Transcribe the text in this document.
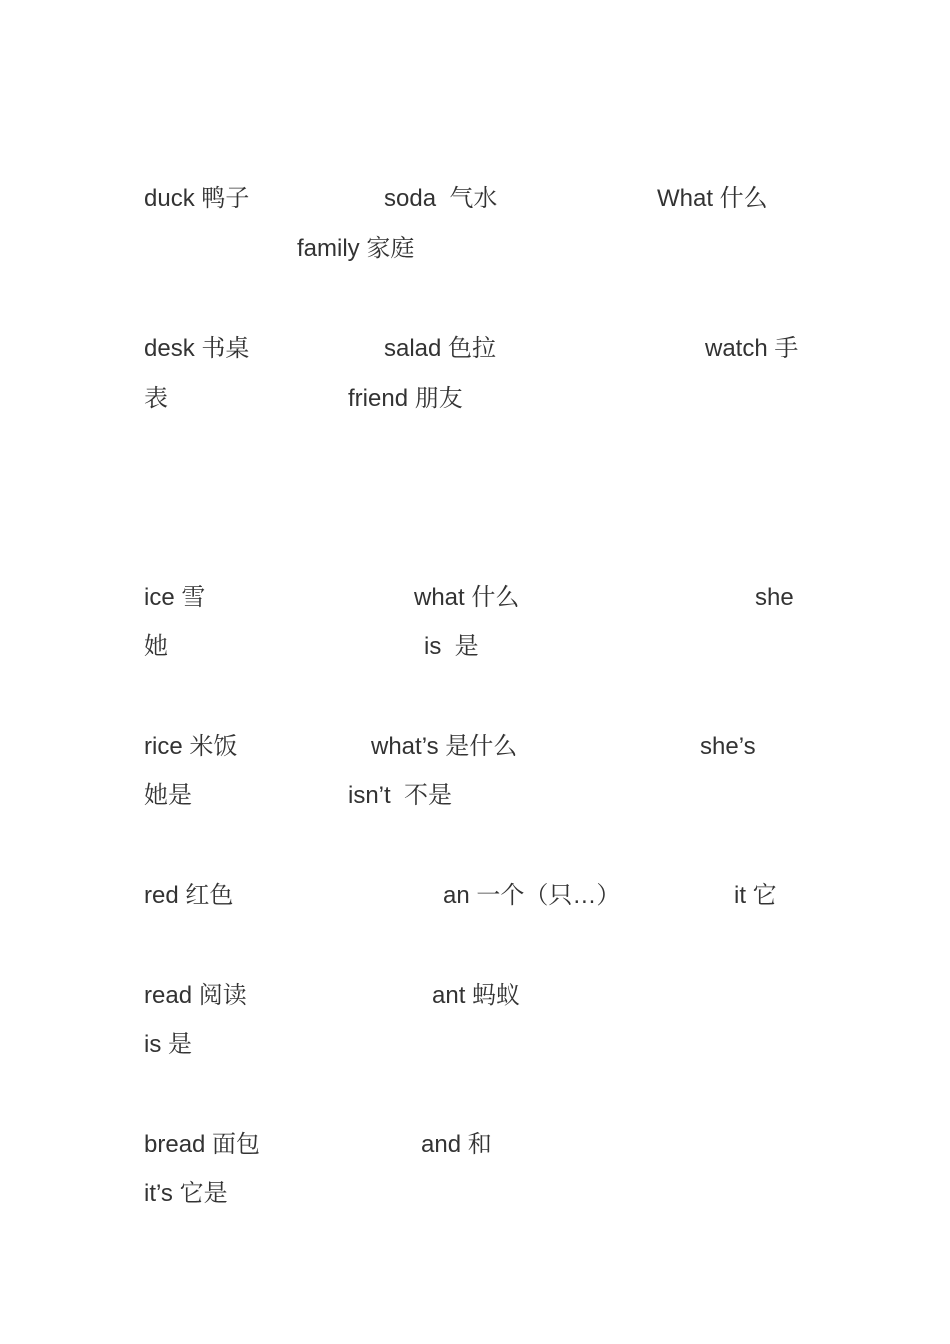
duck 鸭子	soda  气水	What 什么
family 家庭
desk 书桌	salad 色拉	watch 手
表	friend 朋友
ice 雪	what 什么	she
她	is  是
rice 米饭	what’s 是什么	she’s
她是	isn’t  不是
red 红色	an 一个（只…）	it 它
read 阅读	ant 蚂蚁
is 是
bread 面包	and 和
it’s 它是
